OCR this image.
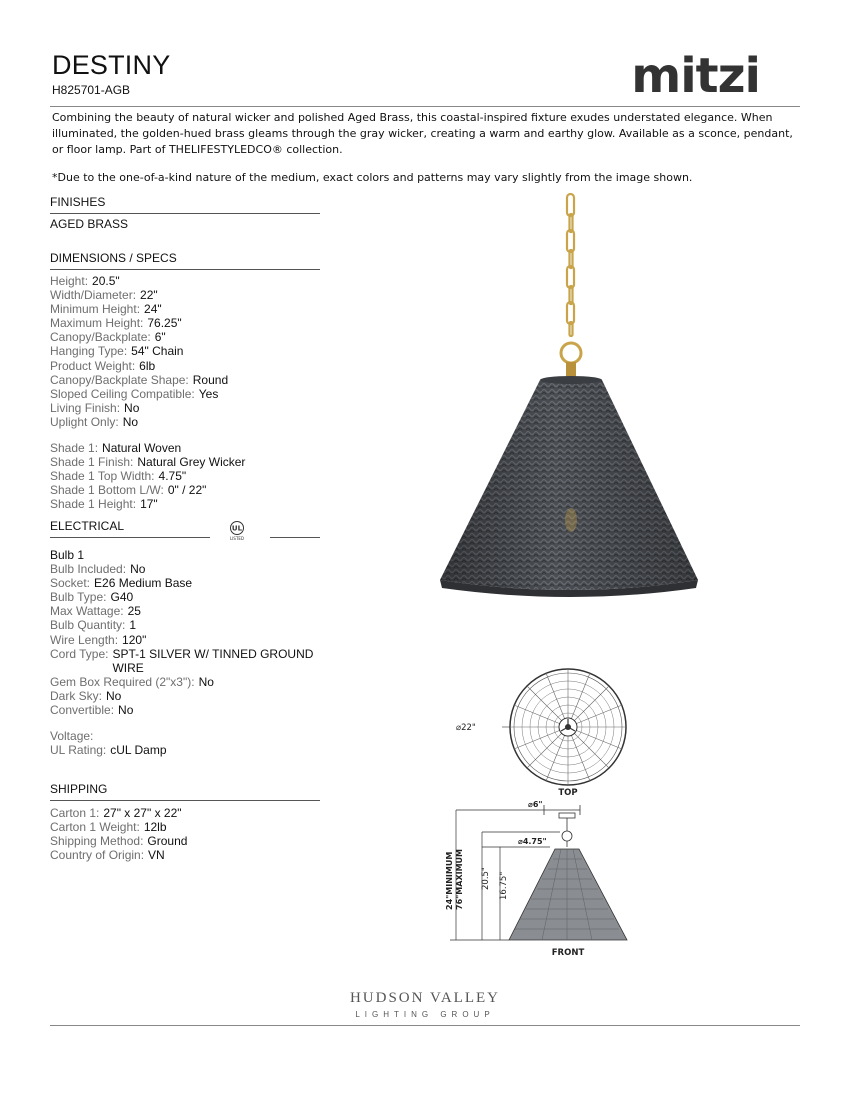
DESTINY
H825701-AGB	mitzi
Combining the beauty of natural wicker and polished Aged Brass, this coastal-inspired fixture exudes understated elegance. When illuminated, the golden-hued brass gleams through the gray wicker, creating a warm and earthy glow. Available as a sconce, pendant, or floor lamp. Part of THELIFESTYLEDCO® collection.
*Due to the one-of-a-kind nature of the medium, exact colors and patterns may vary slightly from the image shown.
FINISHES
AGED BRASS
DIMENSIONS / SPECS
Height: 20.5"
Width/Diameter: 22"
Minimum Height: 24"
Maximum Height: 76.25"
Canopy/Backplate: 6"
Hanging Type: 54" Chain
Product Weight: 6lb
Canopy/Backplate Shape: Round
Sloped Ceiling Compatible: Yes
Living Finish: No
Uplight Only: No
Shade 1: Natural Woven
Shade 1 Finish: Natural Grey Wicker
Shade 1 Top Width: 4.75"
Shade 1 Bottom L/W: 0" / 22"
Shade 1 Height: 17"
ELECTRICAL	UL
LISTED
Bulb 1
Bulb Included: No
Socket: E26 Medium Base
Bulb Type: G40
Max Wattage: 25
Bulb Quantity: 1
Wire Length: 120"
Cord Type: SPT-1 SILVER W/ TINNED GROUND WIRE
Gem Box Required (2"x3"): No
Dark Sky: No
Convertible: No
Voltage:
UL Rating: cUL Damp
SHIPPING
Carton 1: 27" x 27" x 22"
Carton 1 Weight: 12lb
Shipping Method: Ground
Country of Origin: VN
⌀22"
TOP
⌀6"
⌀4.75"
24"MINIMUM 76"MAXIMUM 20.5" 16.75"
FRONT
HUDSON VALLEY
LIGHTING GROUP
